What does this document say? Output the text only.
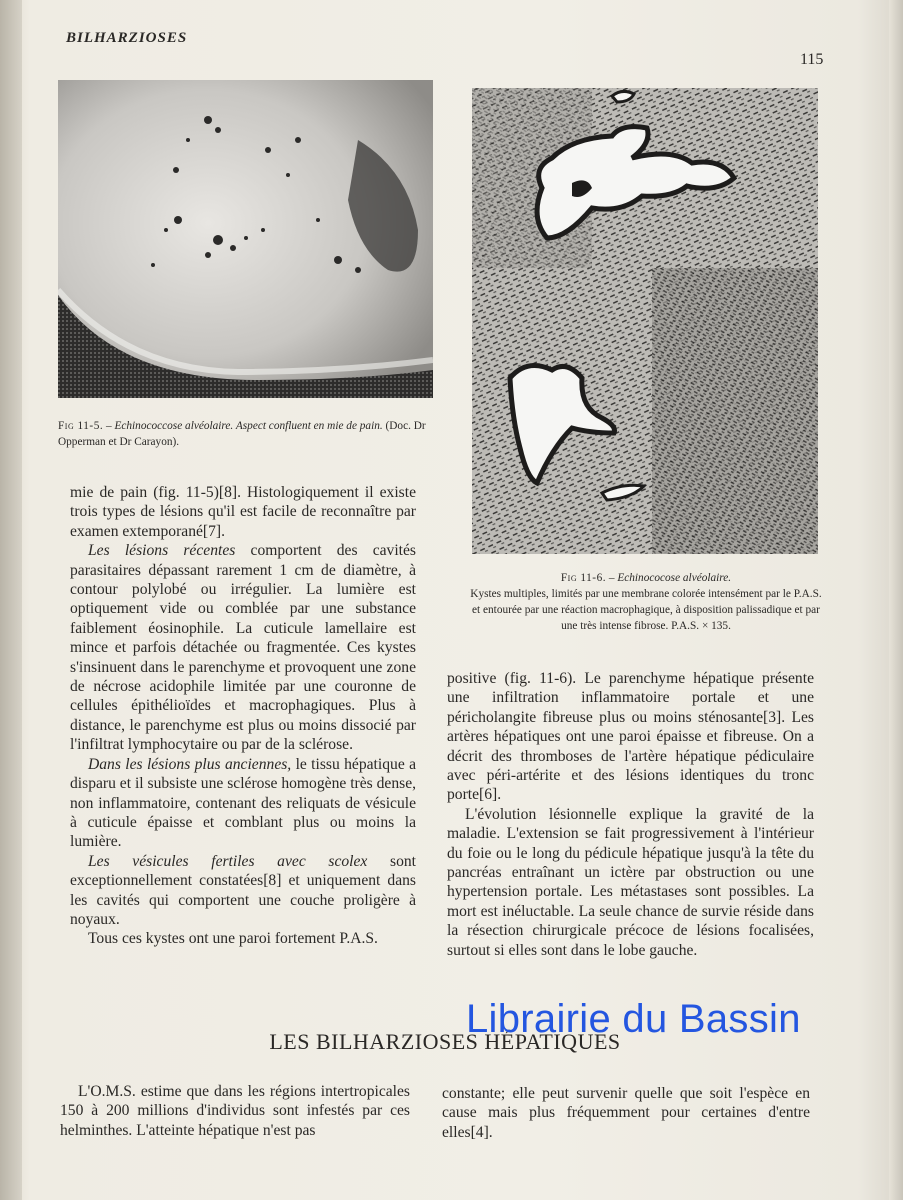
BILHARZIOSES
115
Fig 11-5. – Echinococcose alvéolaire. Aspect confluent en mie de pain. (Doc. Dr Opperman et Dr Carayon).
Fig 11-6. – Echinococose alvéolaire.
Kystes multiples, limités par une membrane colorée intensément par le P.A.S. et entourée par une réaction macrophagique, à disposition palissadique et par une très intense fibrose. P.A.S. × 135.

mie de pain (fig. 11-5)[8]. Histologiquement il existe trois types de lésions qu'il est facile de reconnaître par examen extemporané[7].

Les lésions récentes comportent des cavités parasitaires dépassant rarement 1 cm de diamètre, à contour polylobé ou irrégulier. La lumière est optiquement vide ou comblée par une substance faiblement éosinophile. La cuticule lamellaire est mince et parfois détachée ou fragmentée. Ces kystes s'insinuent dans le parenchyme et provoquent une zone de nécrose acidophile limitée par une couronne de cellules épithélioïdes et macrophagiques. Plus à distance, le parenchyme est plus ou moins dissocié par l'infiltrat lymphocytaire ou par de la sclérose.

Dans les lésions plus anciennes, le tissu hépatique a disparu et il subsiste une sclérose homogène très dense, non inflammatoire, contenant des reliquats de vésicule à cuticule épaisse et comblant plus ou moins la lumière.

Les vésicules fertiles avec scolex sont exceptionnellement constatées[8] et uniquement dans les cavités qui comportent une couche proligère à noyaux.

Tous ces kystes ont une paroi fortement P.A.S.

positive (fig. 11-6). Le parenchyme hépatique présente une infiltration inflammatoire portale et une péricholangite fibreuse plus ou moins sténosante[3]. Les artères hépatiques ont une paroi épaisse et fibreuse. On a décrit des thromboses de l'artère hépatique pédiculaire avec péri-artérite et des lésions identiques du tronc porte[6].

L'évolution lésionnelle explique la gravité de la maladie. L'extension se fait progressivement à l'intérieur du foie ou le long du pédicule hépatique jusqu'à la tête du pancréas entraînant un ictère par obstruction ou une hypertension portale. Les métastases sont possibles. La mort est inéluctable. La seule chance de survie réside dans la résection chirurgicale précoce de lésions focalisées, surtout si elles sont dans le lobe gauche.

LES BILHARZIOSES HÉPATIQUES
Librairie du Bassin
L'O.M.S. estime que dans les régions intertropicales 150 à 200 millions d'individus sont infestés par ces helminthes. L'atteinte hépatique n'est pas
constante; elle peut survenir quelle que soit l'espèce en cause mais plus fréquemment pour certaines d'entre elles[4].
